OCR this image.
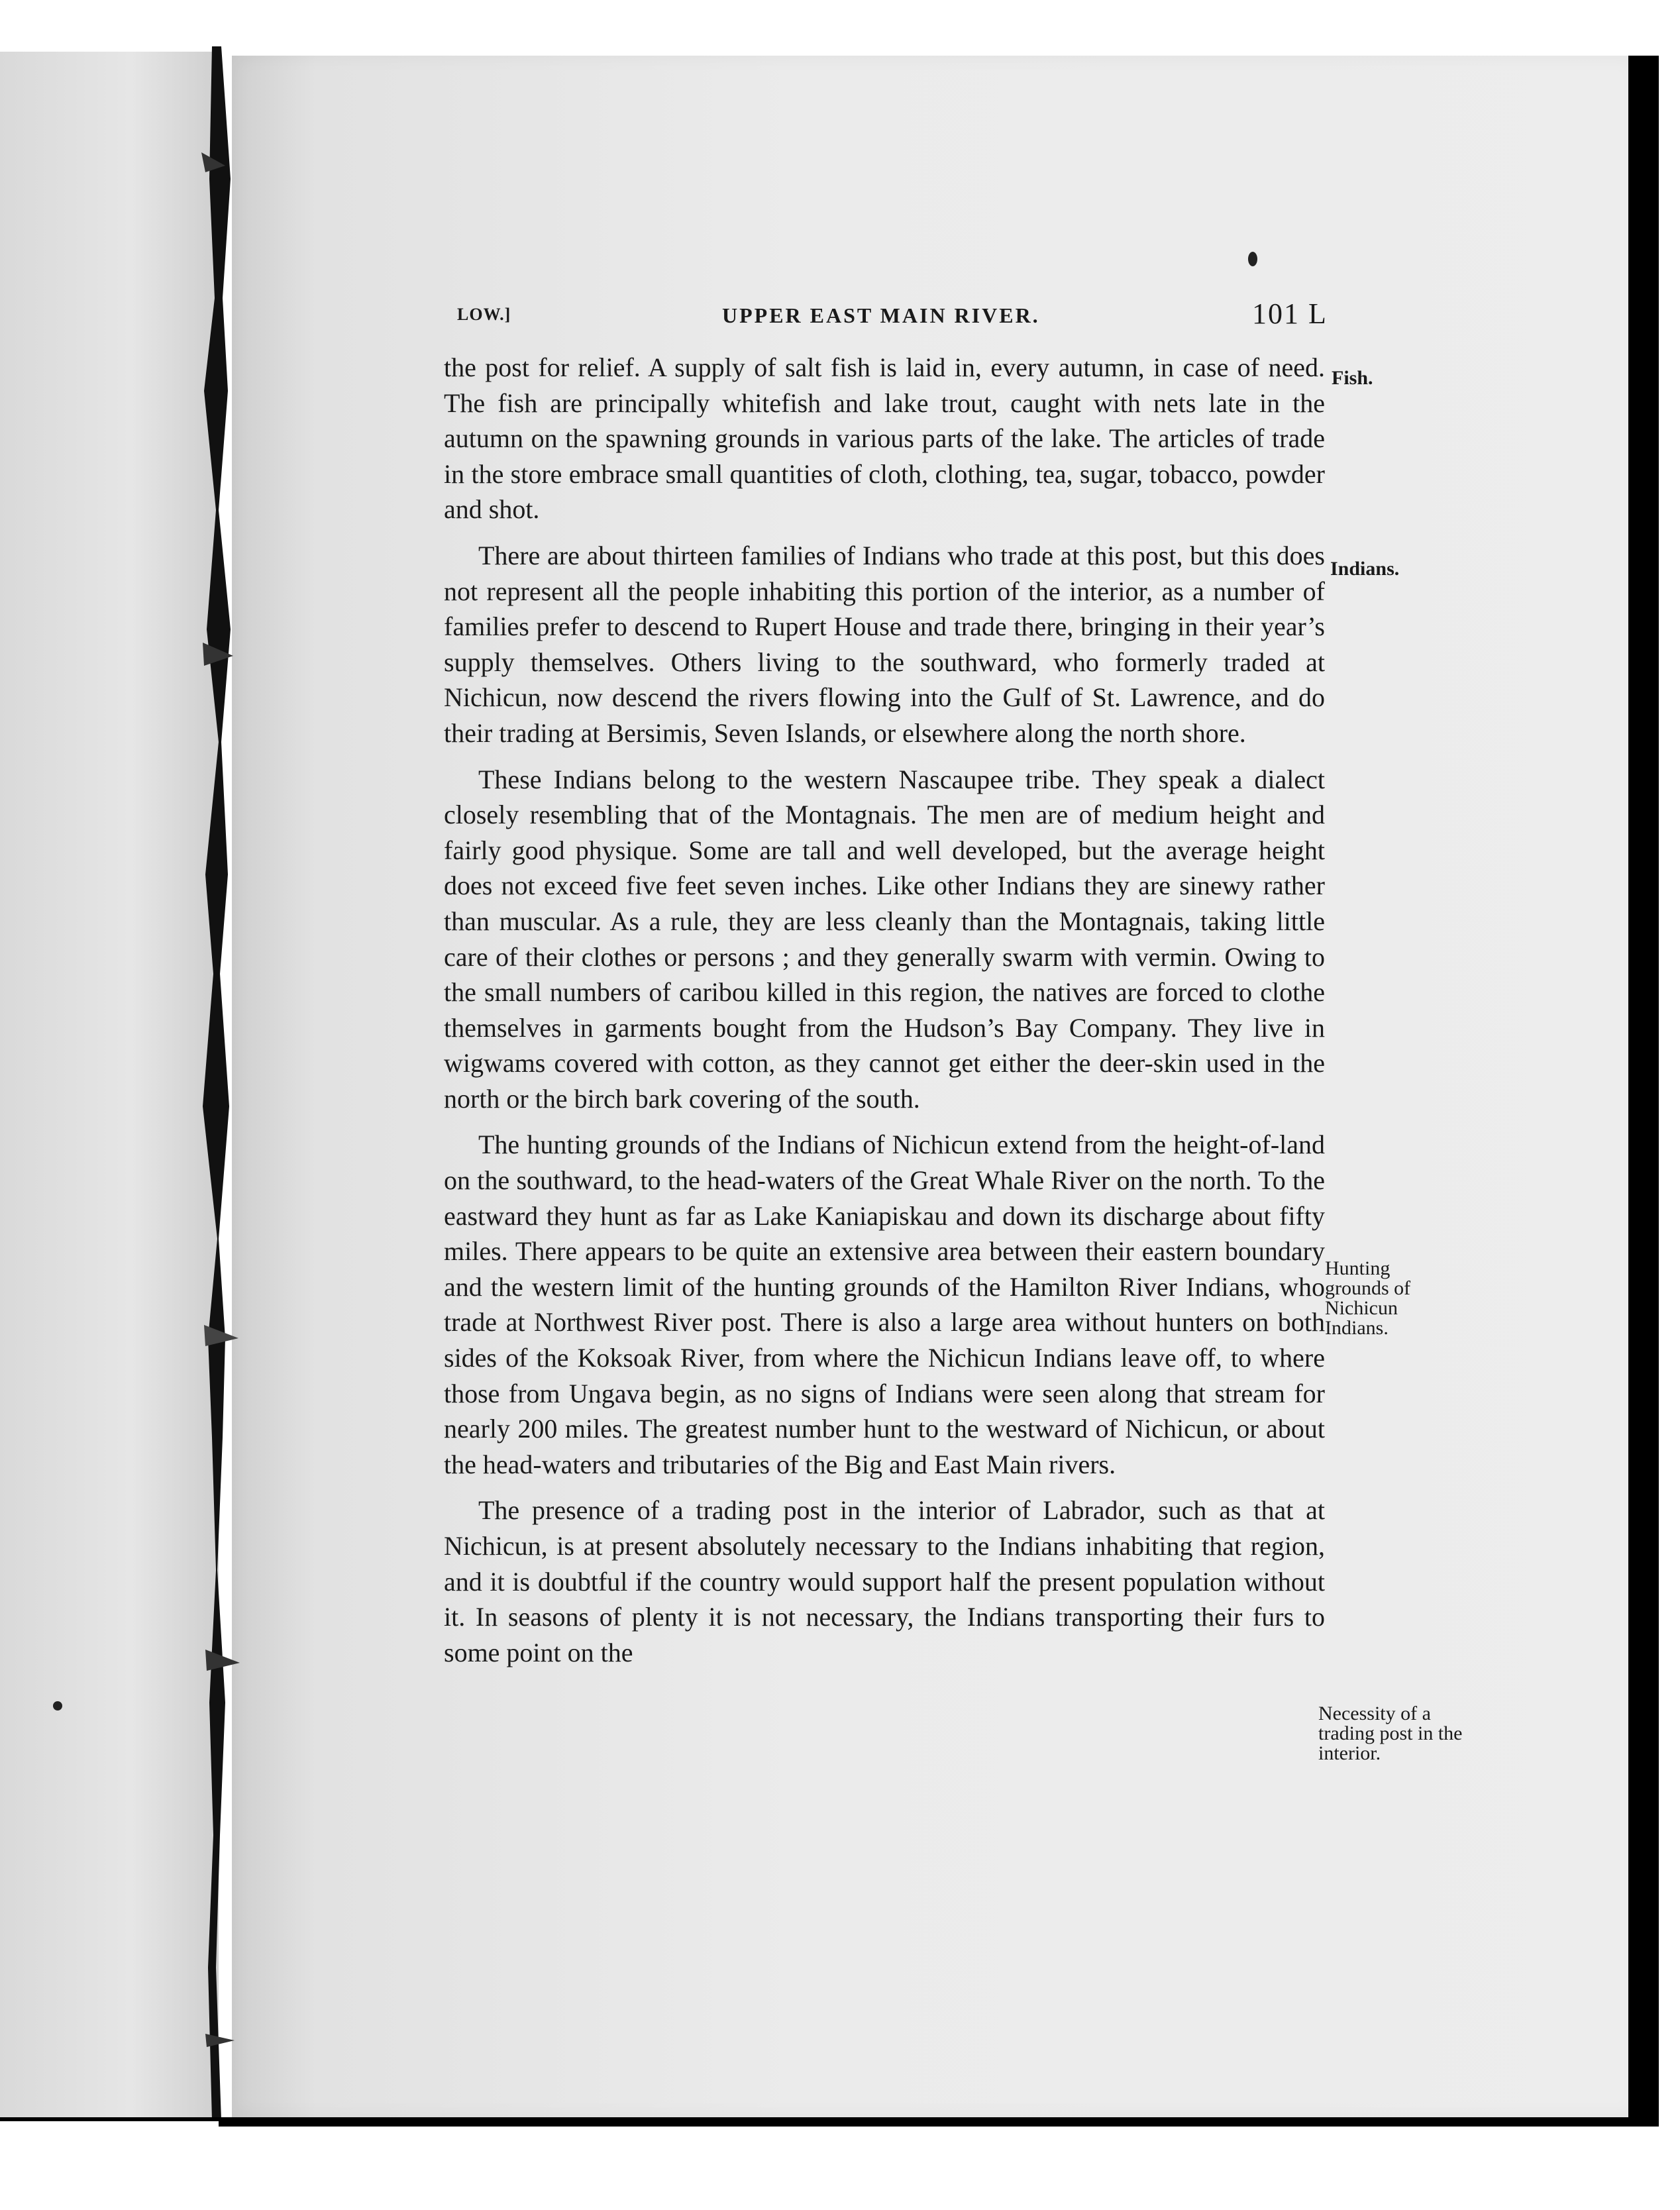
LOW.]	UPPER EAST MAIN RIVER.	101 L

the post for relief. A supply of salt fish is laid in, every autumn, in case of need. The fish are principally whitefish and lake trout, caught with nets late in the autumn on the spawning grounds in various parts of the lake. The articles of trade in the store embrace small quantities of cloth, clothing, tea, sugar, tobacco, powder and shot.

There are about thirteen families of Indians who trade at this post, but this does not represent all the people inhabiting this portion of the interior, as a number of families prefer to descend to Rupert House and trade there, bringing in their year’s supply themselves. Others living to the southward, who formerly traded at Nichicun, now descend the rivers flowing into the Gulf of St. Lawrence, and do their trading at Bersimis, Seven Islands, or elsewhere along the north shore.

These Indians belong to the western Nascaupee tribe. They speak a dialect closely resembling that of the Montagnais. The men are of medium height and fairly good physique. Some are tall and well developed, but the average height does not exceed five feet seven inches. Like other Indians they are sinewy rather than muscular. As a rule, they are less cleanly than the Montagnais, taking little care of their clothes or persons ; and they generally swarm with vermin. Owing to the small numbers of caribou killed in this region, the natives are forced to clothe themselves in garments bought from the Hudson’s Bay Company. They live in wigwams covered with cotton, as they cannot get either the deer-skin used in the north or the birch bark covering of the south.

The hunting grounds of the Indians of Nichicun extend from the height-of-land on the southward, to the head-waters of the Great Whale River on the north. To the eastward they hunt as far as Lake Kaniapiskau and down its discharge about fifty miles. There appears to be quite an extensive area between their eastern boundary and the western limit of the hunting grounds of the Hamilton River Indians, who trade at Northwest River post. There is also a large area without hunters on both sides of the Koksoak River, from where the Nichicun Indians leave off, to where those from Ungava begin, as no signs of Indians were seen along that stream for nearly 200 miles. The greatest number hunt to the westward of Nichicun, or about the head-waters and tributaries of the Big and East Main rivers.

The presence of a trading post in the interior of Labrador, such as that at Nichicun, is at present absolutely necessary to the Indians inhabiting that region, and it is doubtful if the country would support half the present population without it. In seasons of plenty it is not necessary, the Indians transporting their furs to some point on the

Fish.
Indians.
Hunting grounds of Nichicun Indians.
Necessity of a trading post in the interior.
